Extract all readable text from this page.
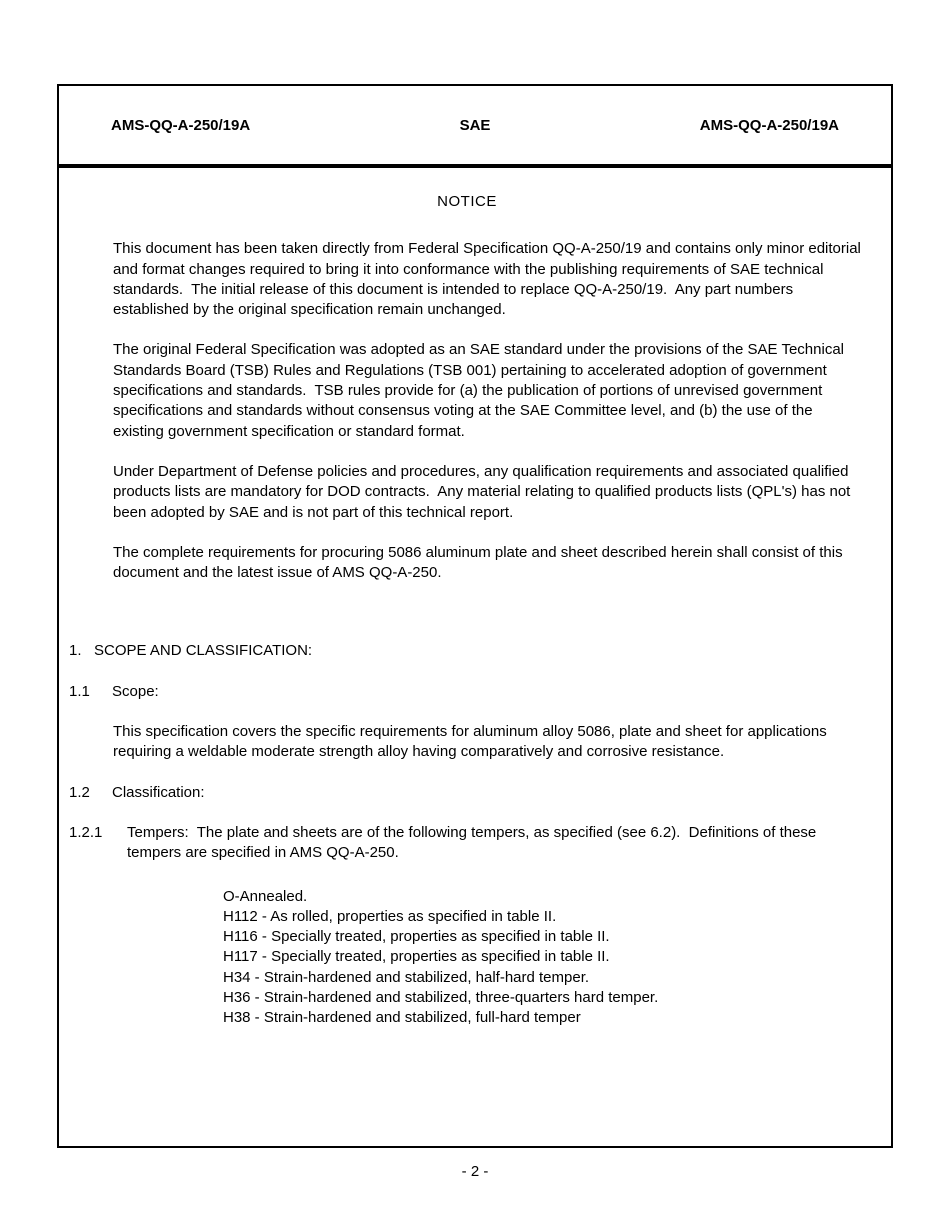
AMS-QQ-A-250/19A	SAE	AMS-QQ-A-250/19A
NOTICE

This document has been taken directly from Federal Specification QQ-A-250/19 and contains only minor editorial and format changes required to bring it into conformance with the publishing requirements of SAE technical standards.  The initial release of this document is intended to replace QQ-A-250/19.  Any part numbers established by the original specification remain unchanged.

The original Federal Specification was adopted as an SAE standard under the provisions of the SAE Technical Standards Board (TSB) Rules and Regulations (TSB 001) pertaining to accelerated adoption of government specifications and standards.  TSB rules provide for (a) the publication of portions of unrevised government specifications and standards without consensus voting at the SAE Committee level, and (b) the use of the existing government specification or standard format.

Under Department of Defense policies and procedures, any qualification requirements and associated qualified products lists are mandatory for DOD contracts.  Any material relating to qualified products lists (QPL's) has not been adopted by SAE and is not part of this technical report.

The complete requirements for procuring 5086 aluminum plate and sheet described herein shall consist of this document and the latest issue of AMS QQ-A-250.

1. SCOPE AND CLASSIFICATION:
1.1	Scope:

This specification covers the specific requirements for aluminum alloy 5086, plate and sheet for applications requiring a weldable moderate strength alloy having comparatively and corrosive resistance.

1.2	Classification:
1.2.1	Tempers:  The plate and sheets are of the following tempers, as specified (see 6.2).  Definitions of these tempers are specified in AMS QQ-A-250.
O-Annealed.
H112 - As rolled, properties as specified in table II.
H116 - Specially treated, properties as specified in table II.
H117 - Specially treated, properties as specified in table II.
H34 - Strain-hardened and stabilized, half-hard temper.
H36 - Strain-hardened and stabilized, three-quarters hard temper.
H38 - Strain-hardened and stabilized, full-hard temper
- 2 -
